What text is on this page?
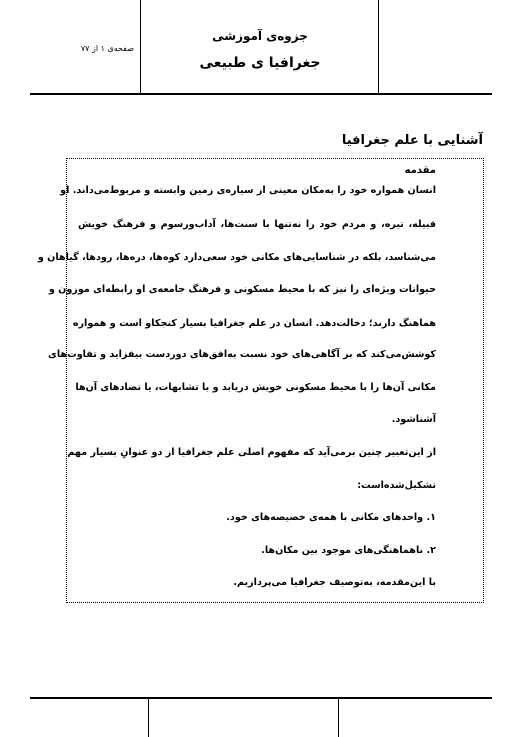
جزوه‌ی آموزشی
جغرافیا ی طبیعی
صفحه‌ی ۱ از ۷۷
آشنایی با علم جغرافیا
مقدمه
انسان همواره خود را به‌مکان معینی از سیاره‌ی زمین وابسته و مربوط‌می‌داند. او
قبیله، تیره، و مردم خود را نه‌تنها با سنت‌ها، آداب‌ورسوم و فرهنگ خویش
می‌شناسد، بلکه در شناسایی‌های مکانی خود سعی‌دارد کوه‌ها، دره‌ها، رودها، گیاهان و
حیوانات ویژه‌ای را نیز که با محیط مسکونی و فرهنگ جامعه‌ی او رابطه‌ای موزون و
هماهنگ دارند؛ دخالت‌دهد. انسان در علم جغرافیا بسیار کنجکاو است و همواره
کوشش‌می‌کند که بر آگاهی‌های خود نسبت به‌افق‌های دوردست بیفزاید و تفاوت‌های
مکانی آن‌ها را با محیط مسکونی خویش دریابد و با تشابهات، یا تضادهای آن‌ها
آشناشود.
از این‌تعبیر چنین برمی‌آید که مفهوم اصلی علم جغرافیا از دو عنوانِ بسیار مهم
تشکیل‌شده‌است:
۱. واحدهای مکانی با همه‌ی خصیصه‌های خود.
۲. ناهماهنگی‌های موجود بین مکان‌ها.
با این‌مقدمه، به‌توصیف جغرافیا می‌پردازیم.
